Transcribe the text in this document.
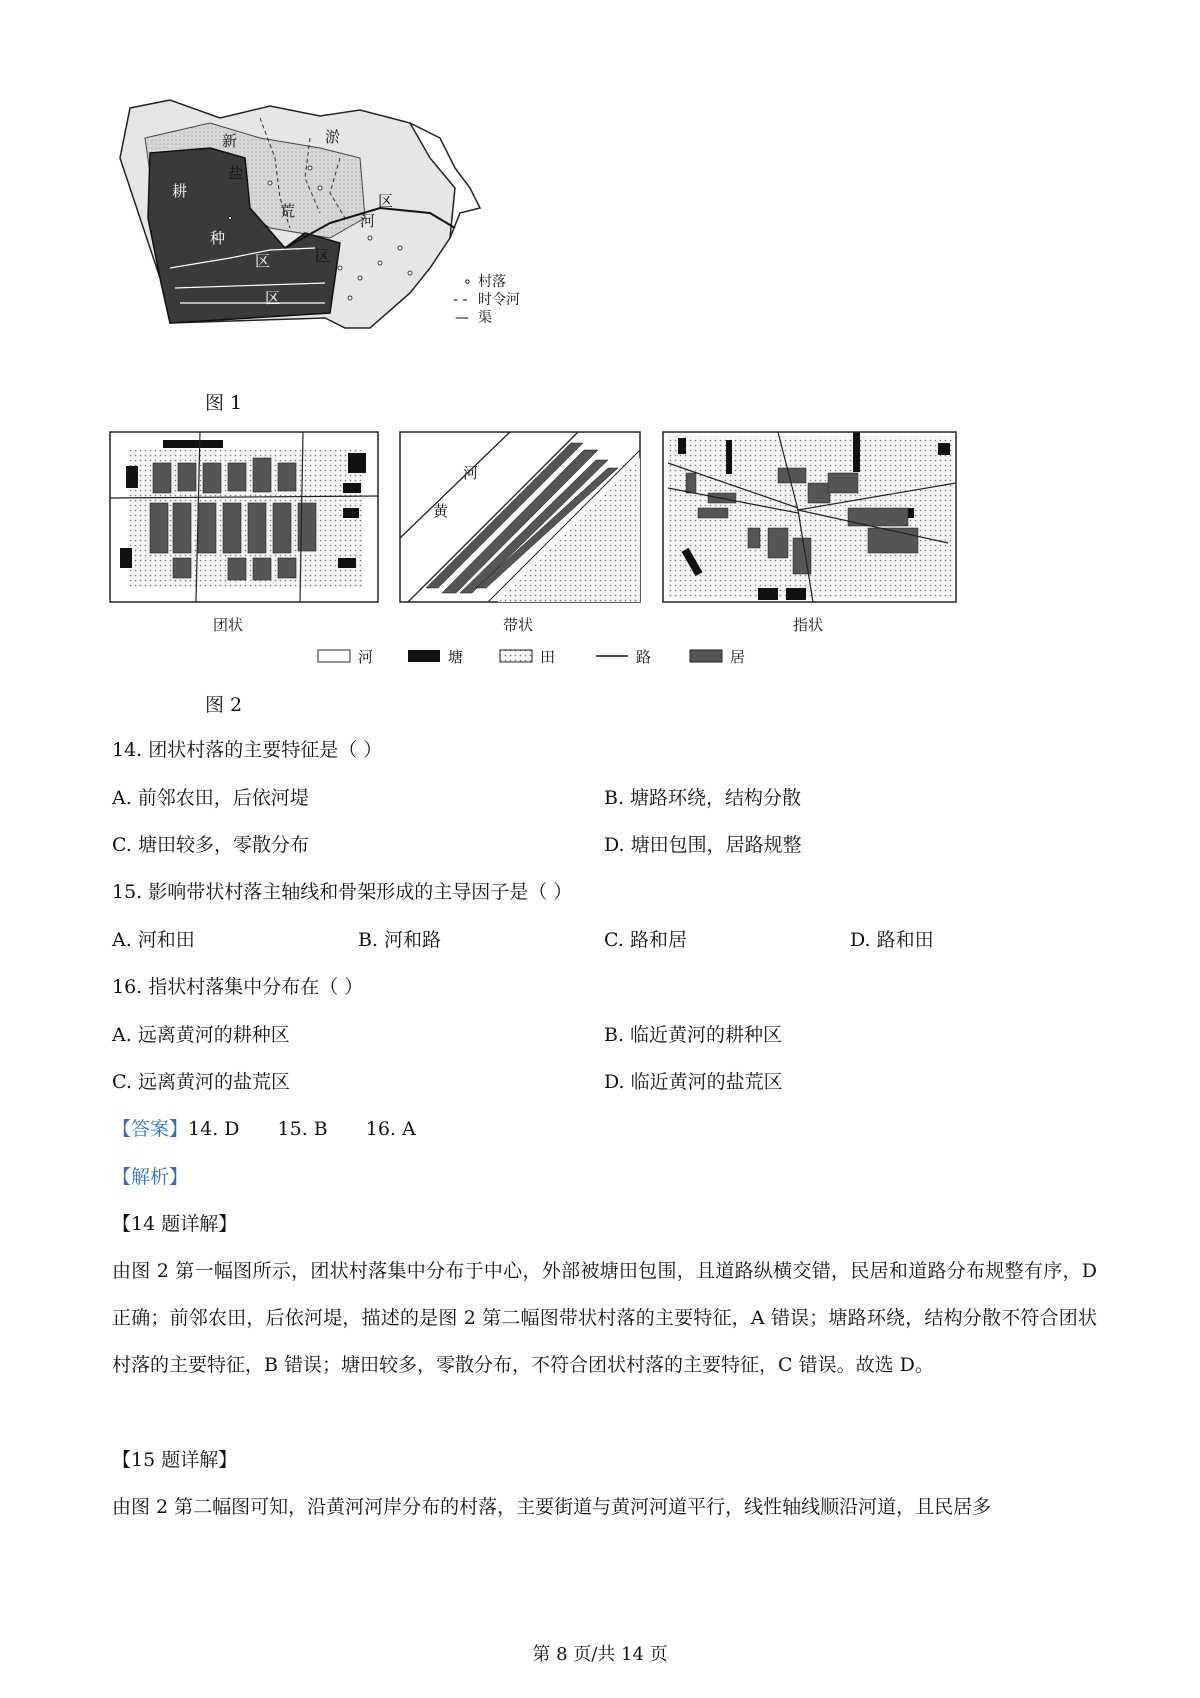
新	淤
盐
荒
区
河
区
耕
种
区
区
∘ 村落
- - 时令河
— 渠
图 1
团状
河
黄
带状	指状
河	塘	田	路	居
图 2
14. 团状村落的主要特征是（ ）
A. 前邻农田，后依河堤	B. 塘路环绕，结构分散
C. 塘田较多，零散分布	D. 塘田包围，居路规整
15. 影响带状村落主轴线和骨架形成的主导因子是（ ）
A. 河和田	B. 河和路	C. 路和居	D. 路和田
16. 指状村落集中分布在（ ）
A. 远离黄河的耕种区	B. 临近黄河的耕种区
C. 远离黄河的盐荒区	D. 临近黄河的盐荒区
【答案】14. D 15. B 16. A
【解析】
【14 题详解】
由图 2 第一幅图所示，团状村落集中分布于中心，外部被塘田包围，且道路纵横交错，民居和道路分布规整有序，D 正确；前邻农田，后依河堤，描述的是图 2 第二幅图带状村落的主要特征，A 错误；塘路环绕，结构分散不符合团状村落的主要特征，B 错误；塘田较多，零散分布，不符合团状村落的主要特征，C 错误。故选 D。
【15 题详解】
由图 2 第二幅图可知，沿黄河河岸分布的村落，主要街道与黄河河道平行，线性轴线顺沿河道，且民居多
第 8 页/共 14 页
